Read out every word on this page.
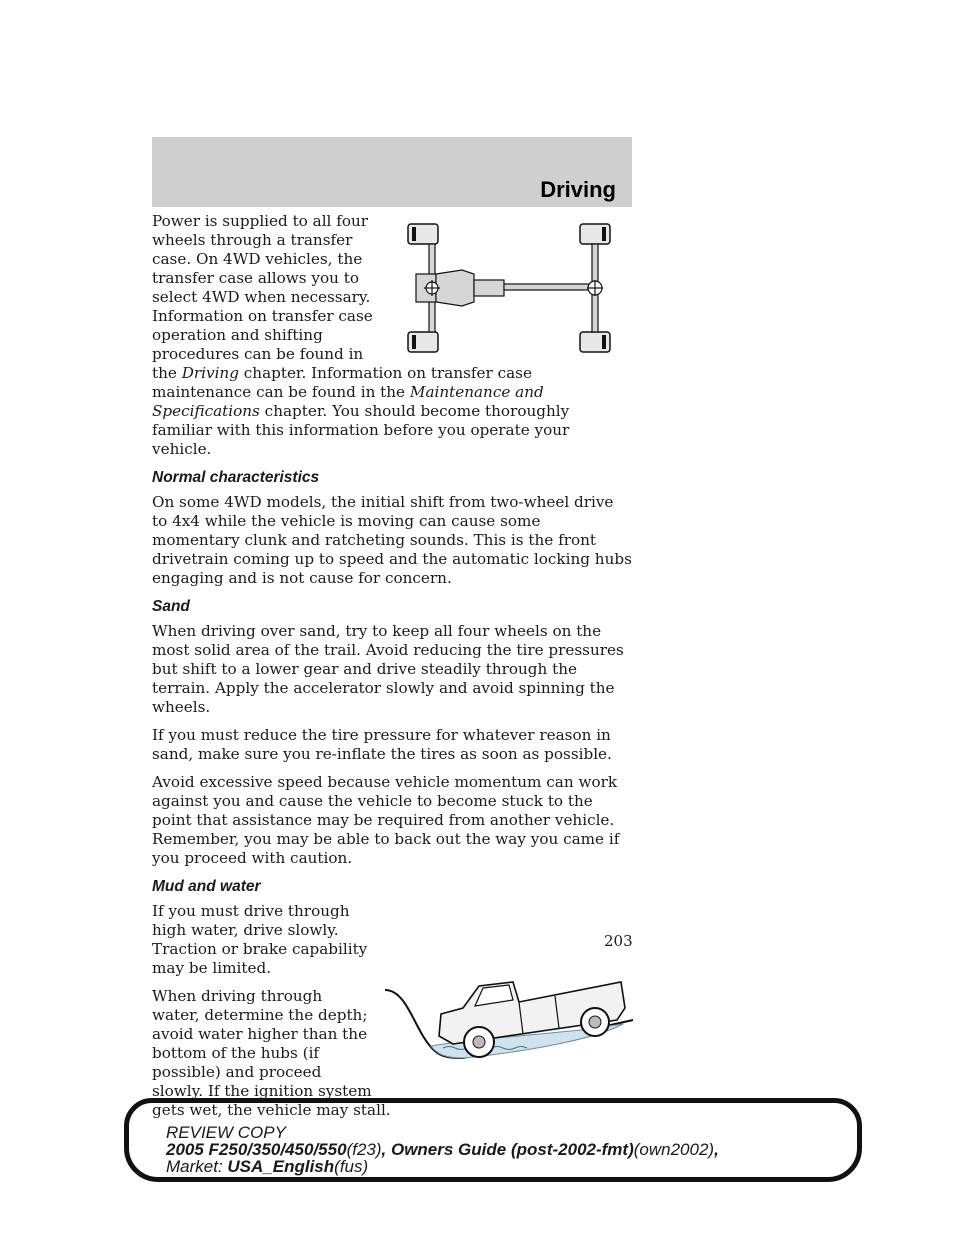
Driving

Power is supplied to all four wheels through a transfer case. On 4WD vehicles, the transfer case allows you to select 4WD when necessary. Information on transfer case operation and shifting procedures can be found in the Driving chapter. Information on transfer case maintenance can be found in the Maintenance and Specifications chapter. You should become thoroughly familiar with this information before you operate your vehicle.

Normal characteristics

On some 4WD models, the initial shift from two-wheel drive to 4x4 while the vehicle is moving can cause some momentary clunk and ratcheting sounds. This is the front drivetrain coming up to speed and the automatic locking hubs engaging and is not cause for concern.

Sand

When driving over sand, try to keep all four wheels on the most solid area of the trail. Avoid reducing the tire pressures but shift to a lower gear and drive steadily through the terrain. Apply the accelerator slowly and avoid spinning the wheels.

If you must reduce the tire pressure for whatever reason in sand, make sure you re-inflate the tires as soon as possible.

Avoid excessive speed because vehicle momentum can work against you and cause the vehicle to become stuck to the point that assistance may be required from another vehicle. Remember, you may be able to back out the way you came if you proceed with caution.

Mud and water

If you must drive through high water, drive slowly. Traction or brake capability may be limited.

When driving through water, determine the depth; avoid water higher than the bottom of the hubs (if possible) and proceed slowly. If the ignition system gets wet, the vehicle may stall.

203
REVIEW COPY
2005 F250/350/450/550(f23), Owners Guide (post-2002-fmt)(own2002),
Market: USA_English(fus)
